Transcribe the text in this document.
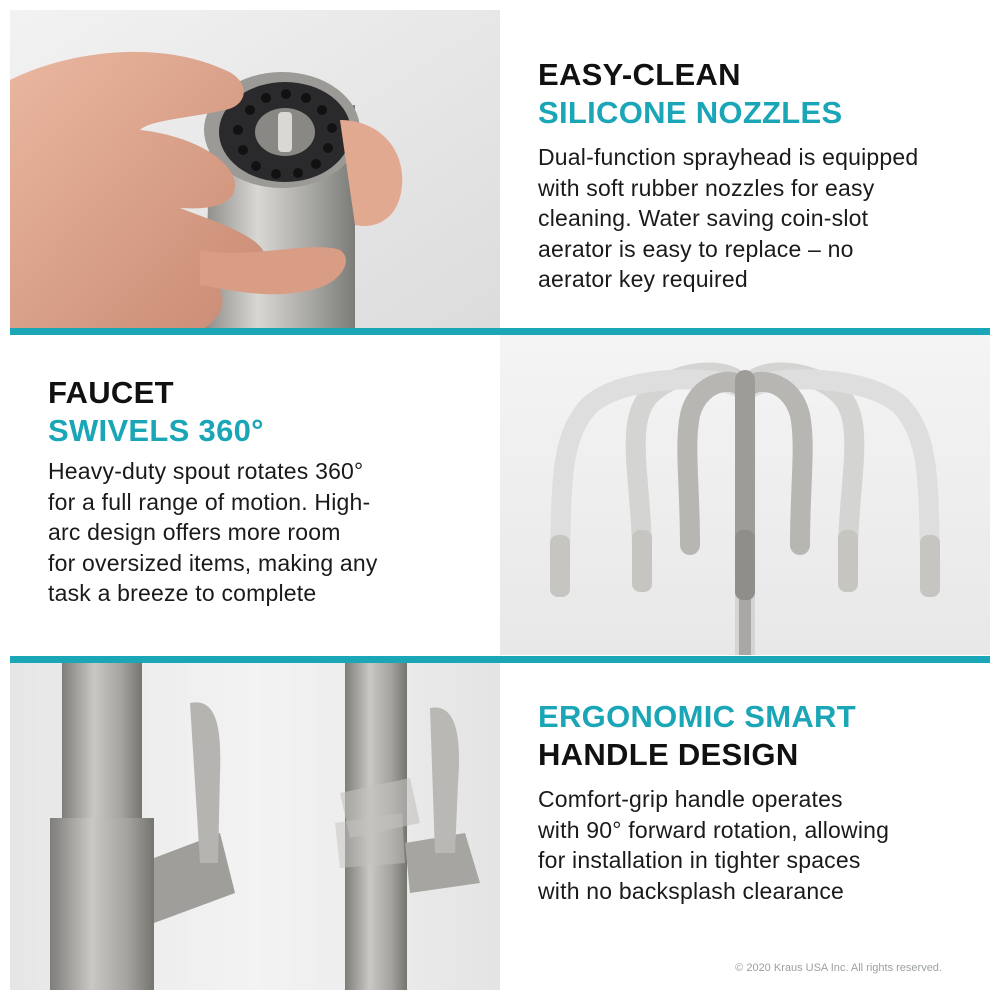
EASY-CLEAN
SILICONE NOZZLES
Dual-function sprayhead is equipped
with soft rubber nozzles for easy
cleaning. Water saving coin-slot
aerator is easy to replace – no
aerator key required
FAUCET
SWIVELS 360°
Heavy-duty spout rotates 360°
for a full range of motion. High-
arc design offers more room
for oversized items, making any
task a breeze to complete
ERGONOMIC SMART
HANDLE DESIGN
Comfort-grip handle operates
with 90° forward rotation, allowing
for installation in tighter spaces
with no backsplash clearance
© 2020 Kraus USA Inc. All rights reserved.
